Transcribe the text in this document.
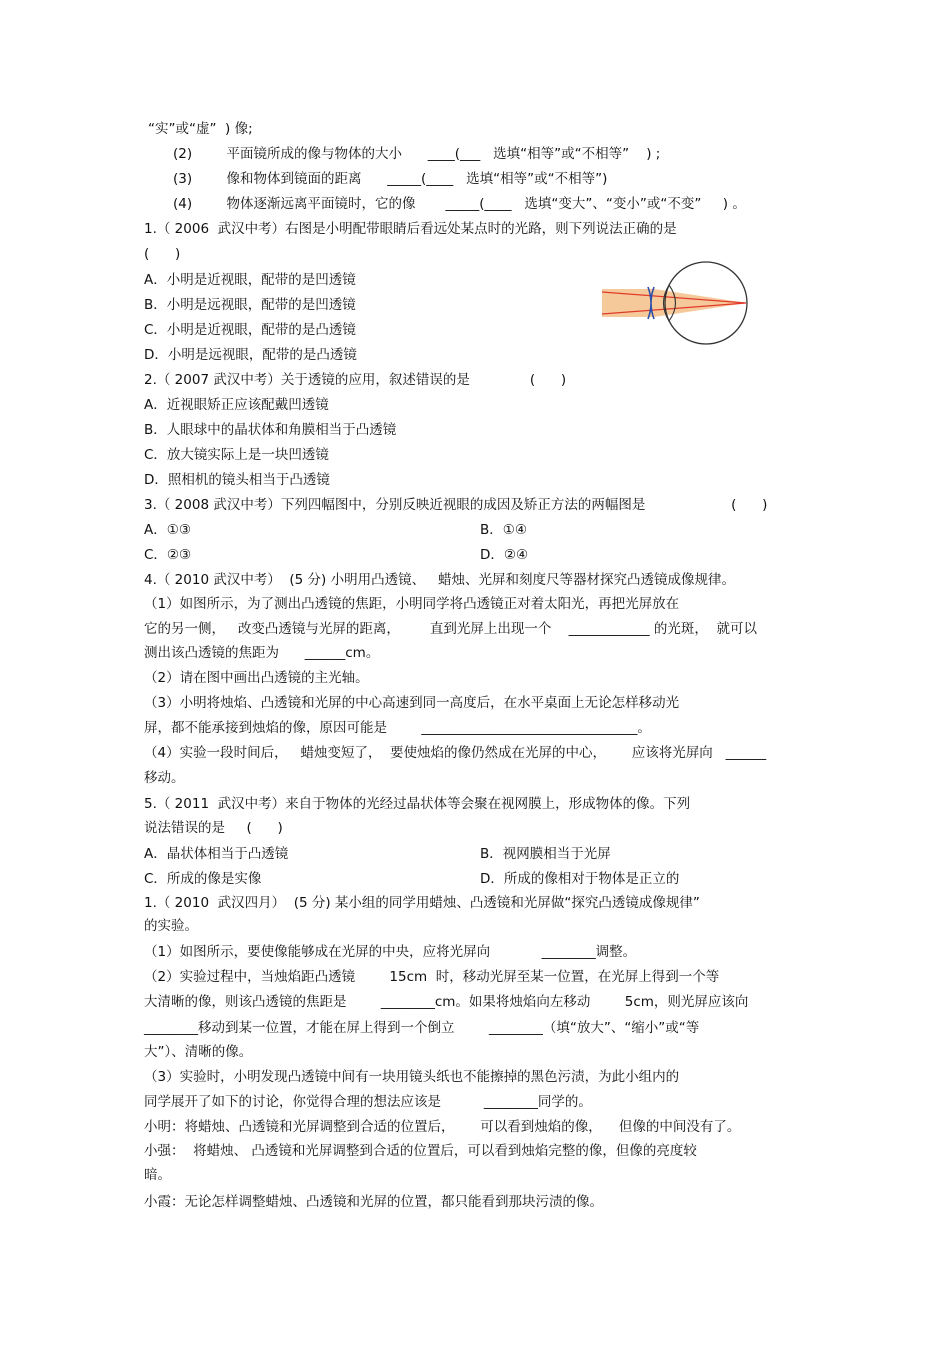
“实”或“虚”  ) 像;
(2)        平面镜所成的像与物体的大小      ____(___   选填“相等”或“不相等”    ) ;
(3)        像和物体到镜面的距离      _____(____   选填“相等”或“不相等”)
(4)        物体逐渐远离平面镜时，它的像       _____(____   选填“变大”、“变小”或“不变”     ) 。
1.（ 2006  武汉中考）右图是小明配带眼睛后看远处某点时的光路，则下列说法正确的是
(      )
A．小明是近视眼，配带的是凹透镜
B．小明是远视眼，配带的是凹透镜
C．小明是近视眼，配带的是凸透镜
D．小明是远视眼，配带的是凸透镜
2.（ 2007 武汉中考）关于透镜的应用，叙述错误的是              (      )
A．近视眼矫正应该配戴凹透镜
B．人眼球中的晶状体和角膜相当于凸透镜
C．放大镜实际上是一块凹透镜
D．照相机的镜头相当于凸透镜
3.（ 2008 武汉中考）下列四幅图中，分别反映近视眼的成因及矫正方法的两幅图是                    (      )
A．①③	B．①④
C．②③	D．②④
4.（ 2010 武汉中考）  (5 分) 小明用凸透镜、   蜡烛、光屏和刻度尺等器材探究凸透镜成像规律。
（1）如图所示，为了测出凸透镜的焦距，小明同学将凸透镜正对着太阳光，再把光屏放在
它的另一侧，   改变凸透镜与光屏的距离，       直到光屏上出现一个    ____________ 的光斑，  就可以
测出该凸透镜的焦距为      ______cm。
（2）请在图中画出凸透镜的主光轴。
（3）小明将烛焰、凸透镜和光屏的中心高速到同一高度后，在水平桌面上无论怎样移动光
屏，都不能承接到烛焰的像，原因可能是        ________________________________。
（4）实验一段时间后，   蜡烛变短了，  要使烛焰的像仍然成在光屏的中心，      应该将光屏向   ______
移动。
5.（ 2011  武汉中考）来自于物体的光经过晶状体等会聚在视网膜上，形成物体的像。下列
说法错误的是     (      )
A．晶状体相当于凸透镜	B．视网膜相当于光屏
C．所成的像是实像	D．所成的像相对于物体是正立的
1.（ 2010  武汉四月）  (5 分) 某小组的同学用蜡烛、凸透镜和光屏做“探究凸透镜成像规律”
的实验。
（1）如图所示，要使像能够成在光屏的中央，应将光屏向            ________调整。
（2）实验过程中，当烛焰距凸透镜        15cm  时，移动光屏至某一位置，在光屏上得到一个等
大清晰的像，则该凸透镜的焦距是        ________cm。如果将烛焰向左移动        5cm，则光屏应该向
________移动到某一位置，才能在屏上得到一个倒立        ________（填“放大”、“缩小”或“等
大”）、清晰的像。
（3）实验时，小明发现凸透镜中间有一块用镜头纸也不能擦掉的黑色污渍，为此小组内的
同学展开了如下的讨论，你觉得合理的想法应该是          ________同学的。
小明：将蜡烛、凸透镜和光屏调整到合适的位置后，      可以看到烛焰的像，    但像的中间没有了。
小强：  将蜡烛、 凸透镜和光屏调整到合适的位置后，可以看到烛焰完整的像，但像的亮度较
暗。
小霞：无论怎样调整蜡烛、凸透镜和光屏的位置，都只能看到那块污渍的像。
